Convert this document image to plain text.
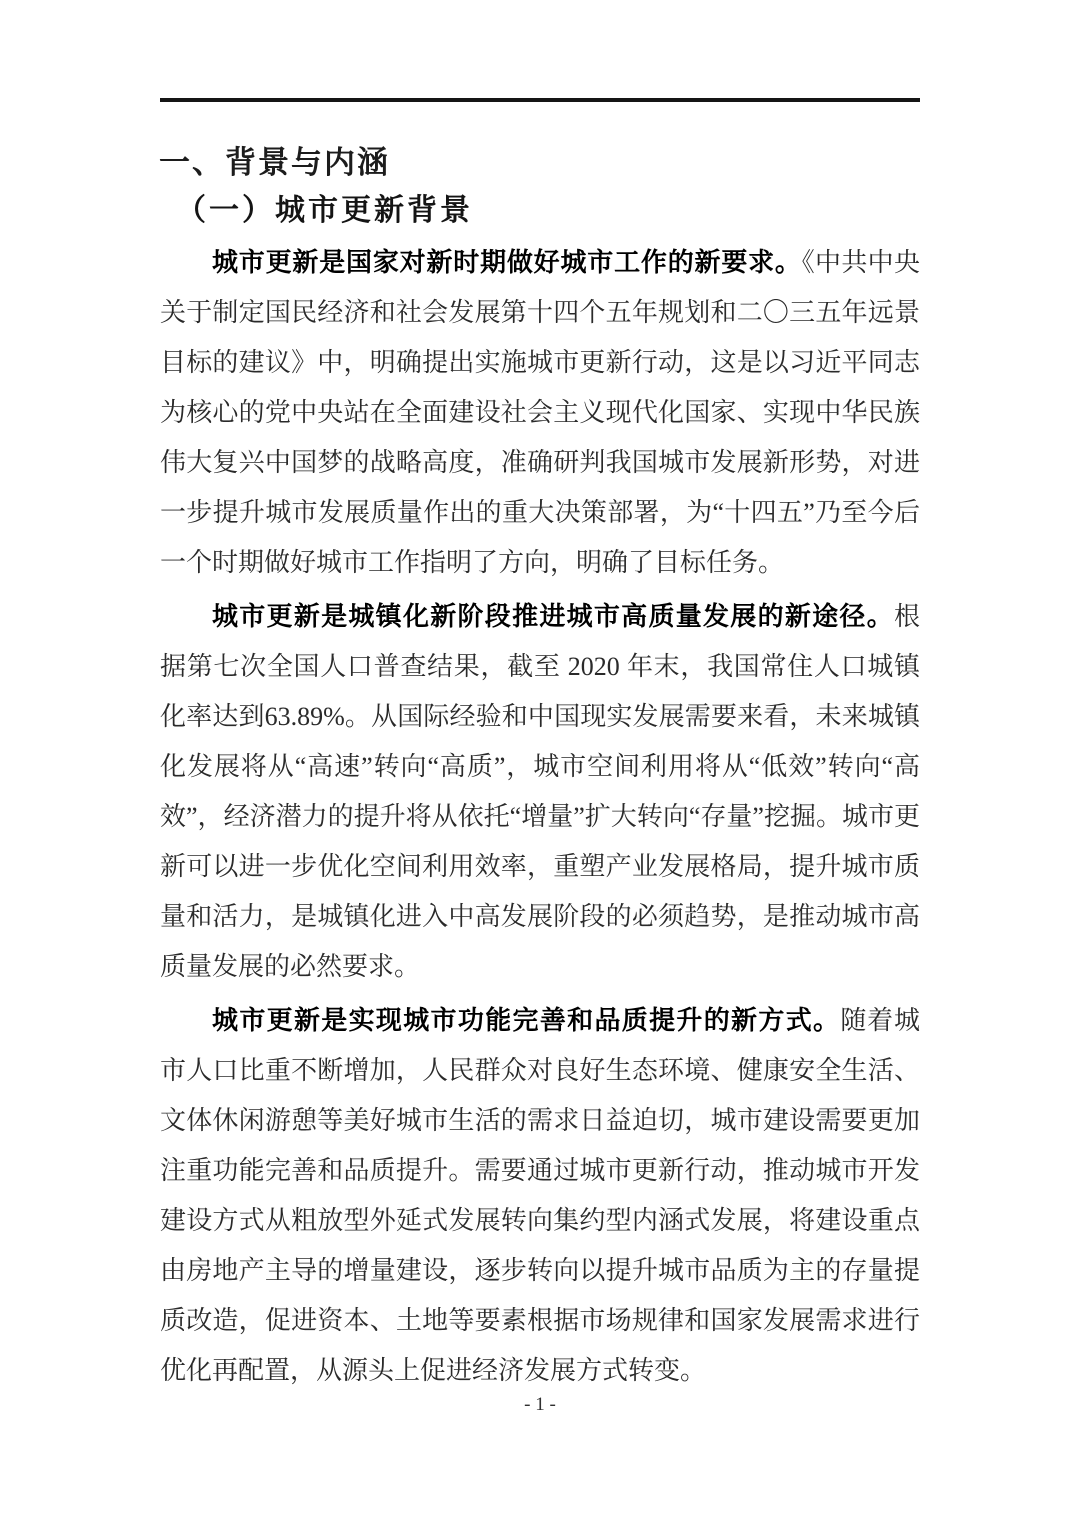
一、背景与内涵
（一）城市更新背景

城市更新是国家对新时期做好城市工作的新要求。《中共中央关于制定国民经济和社会发展第十四个五年规划和二〇三五年远景目标的建议》中，明确提出实施城市更新行动，这是以习近平同志为核心的党中央站在全面建设社会主义现代化国家、实现中华民族伟大复兴中国梦的战略高度，准确研判我国城市发展新形势，对进一步提升城市发展质量作出的重大决策部署，为“十四五”乃至今后一个时期做好城市工作指明了方向，明确了目标任务。

城市更新是城镇化新阶段推进城市高质量发展的新途径。根据第七次全国人口普查结果，截至 2020 年末，我国常住人口城镇化率达到63.89%。从国际经验和中国现实发展需要来看，未来城镇化发展将从“高速”转向“高质”，城市空间利用将从“低效”转向“高效”，经济潜力的提升将从依托“增量”扩大转向“存量”挖掘。城市更新可以进一步优化空间利用效率，重塑产业发展格局，提升城市质量和活力，是城镇化进入中高发展阶段的必须趋势，是推动城市高质量发展的必然要求。

城市更新是实现城市功能完善和品质提升的新方式。随着城市人口比重不断增加，人民群众对良好生态环境、健康安全生活、文体休闲游憩等美好城市生活的需求日益迫切，城市建设需要更加注重功能完善和品质提升。需要通过城市更新行动，推动城市开发建设方式从粗放型外延式发展转向集约型内涵式发展，将建设重点由房地产主导的增量建设，逐步转向以提升城市品质为主的存量提质改造，促进资本、土地等要素根据市场规律和国家发展需求进行优化再配置，从源头上促进经济发展方式转变。

- 1 -
